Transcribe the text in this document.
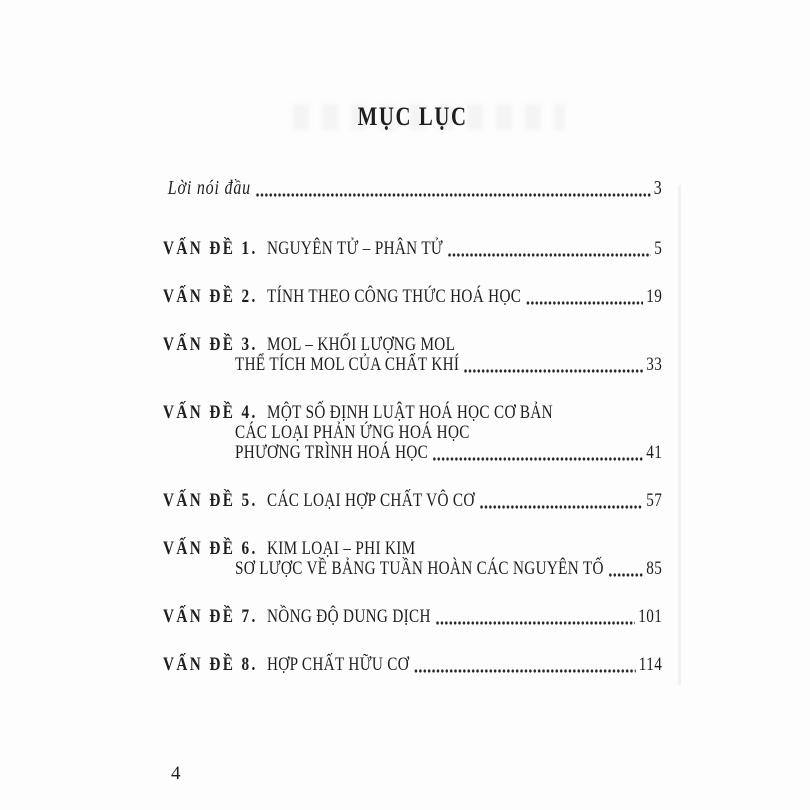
MỤC LỤC
Lời nói đầu	3
VẤN ĐỀ 1. NGUYÊN TỬ – PHÂN TỬ	5
VẤN ĐỀ 2. TÍNH THEO CÔNG THỨC HOÁ HỌC	19
VẤN ĐỀ 3. MOL – KHỐI LƯỢNG MOL
THỂ TÍCH MOL CỦA CHẤT KHÍ	33
VẤN ĐỀ 4. MỘT SỐ ĐỊNH LUẬT HOÁ HỌC CƠ BẢN
CÁC LOẠI PHẢN ỨNG HOÁ HỌC
PHƯƠNG TRÌNH HOÁ HỌC	41
VẤN ĐỀ 5. CÁC LOẠI HỢP CHẤT VÔ CƠ	57
VẤN ĐỀ 6. KIM LOẠI – PHI KIM
SƠ LƯỢC VỀ BẢNG TUẦN HOÀN CÁC NGUYÊN TỐ 85
VẤN ĐỀ 7. NỒNG ĐỘ DUNG DỊCH	101
VẤN ĐỀ 8. HỢP CHẤT HỮU CƠ	114
4
